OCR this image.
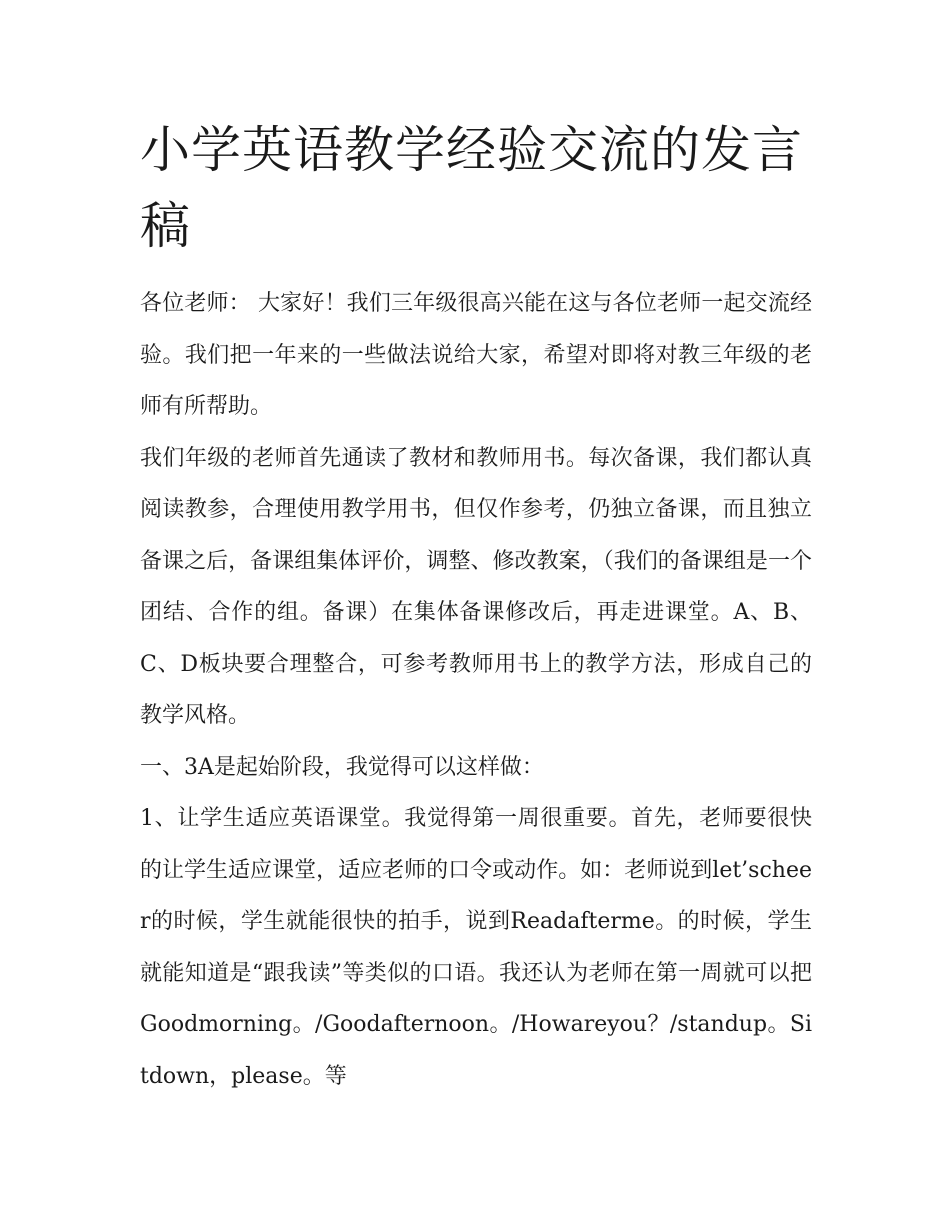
小学英语教学经验交流的发言稿

各位老师： 大家好！我们三年级很高兴能在这与各位老师一起交流经验。我们把一年来的一些做法说给大家，希望对即将对教三年级的老师有所帮助。

我们年级的老师首先通读了教材和教师用书。每次备课，我们都认真阅读教参，合理使用教学用书，但仅作参考，仍独立备课，而且独立备课之后，备课组集体评价，调整、修改教案，（我们的备课组是一个团结、合作的组。备课）在集体备课修改后，再走进课堂。A、B、C、D板块要合理整合，可参考教师用书上的教学方法，形成自己的教学风格。

一、3A是起始阶段，我觉得可以这样做：

1、让学生适应英语课堂。我觉得第一周很重要。首先，老师要很快的让学生适应课堂，适应老师的口令或动作。如：老师说到let’scheer的时候，学生就能很快的拍手，说到Readafterme。的时候，学生就能知道是“跟我读”等类似的口语。我还认为老师在第一周就可以把Goodmorning。/Goodafternoon。/Howareyou？/standup。Sitdown，please。等
